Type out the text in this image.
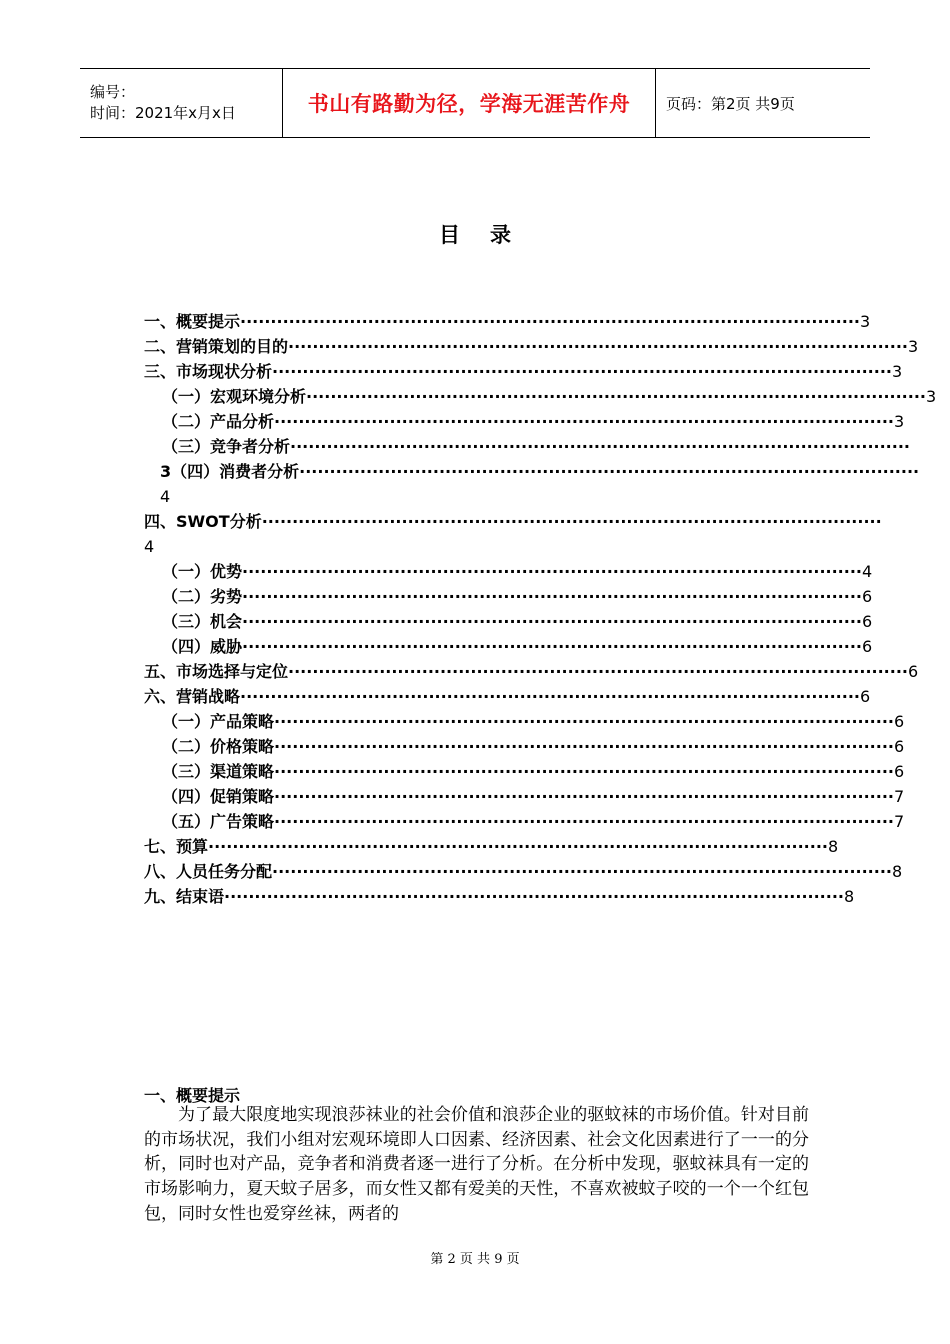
编号：
时间：2021年x月x日	书山有路勤为径，学海无涯苦作舟 页码：第2页 共9页
目 录
一、概要提示 ······································································································ 3
二、营销策划的目的 ······································································································ 3
三、市场现状分析 ······································································································ 3
（一）宏观环境分析 ······································································································ 3
（二）产品分析 ······································································································ 3
（三）竞争者分析 ······································································································
3（四）消费者分析 ······································································································
4
四、SWOT分析 ······································································································
4
（一）优势 ······································································································ 4
（二）劣势 ······································································································ 6
（三）机会 ······································································································ 6
（四）威胁 ······································································································ 6
五、市场选择与定位 ······································································································ 6
六、营销战略 ······································································································ 6
（一）产品策略 ······································································································ 6
（二）价格策略 ······································································································ 6
（三）渠道策略 ······································································································ 6
（四）促销策略 ······································································································ 7
（五）广告策略 ······································································································ 7
七、预算 ······································································································ 8
八、人员任务分配 ······································································································ 8
九、结束语 ······································································································ 8
一、概要提示

为了最大限度地实现浪莎袜业的社会价值和浪莎企业的驱蚊袜的市场价值。针对目前的市场状况，我们小组对宏观环境即人口因素、经济因素、社会文化因素进行了一一的分析，同时也对产品，竞争者和消费者逐一进行了分析。在分析中发现，驱蚊袜具有一定的市场影响力，夏天蚊子居多，而女性又都有爱美的天性，不喜欢被蚊子咬的一个一个红包包，同时女性也爱穿丝袜，两者的

第 2 页 共 9 页
